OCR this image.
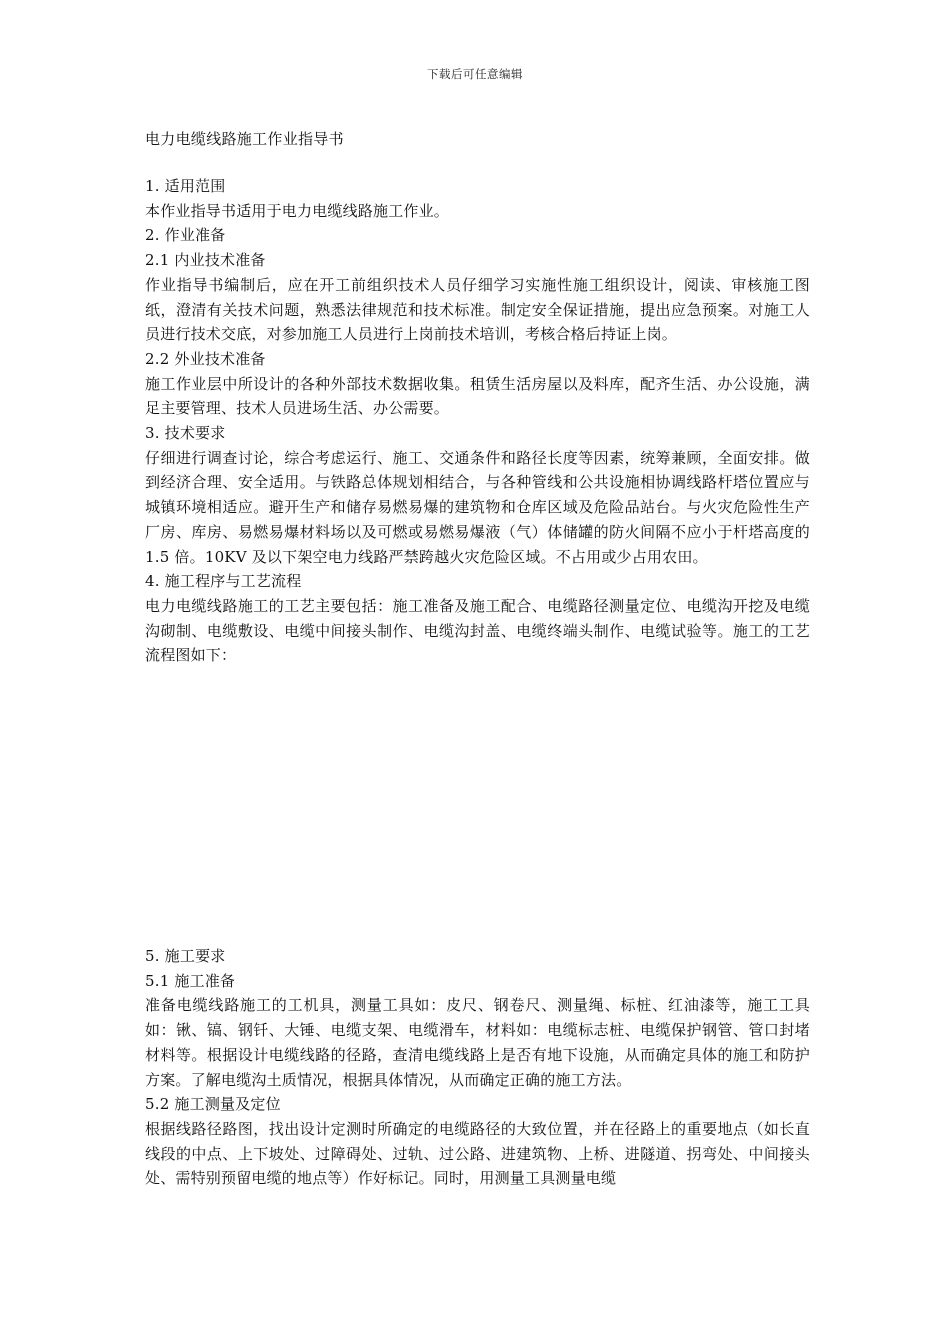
下载后可任意编辑
电力电缆线路施工作业指导书

1. 适用范围

本作业指导书适用于电力电缆线路施工作业。

2. 作业准备

2.1 内业技术准备

作业指导书编制后，应在开工前组织技术人员仔细学习实施性施工组织设计，阅读、审核施工图纸，澄清有关技术问题，熟悉法律规范和技术标准。制定安全保证措施，提出应急预案。对施工人员进行技术交底，对参加施工人员进行上岗前技术培训，考核合格后持证上岗。

2.2 外业技术准备

施工作业层中所设计的各种外部技术数据收集。租赁生活房屋以及料库，配齐生活、办公设施，满足主要管理、技术人员进场生活、办公需要。

3. 技术要求

仔细进行调查讨论，综合考虑运行、施工、交通条件和路径长度等因素，统筹兼顾，全面安排。做到经济合理、安全适用。与铁路总体规划相结合，与各种管线和公共设施相协调线路杆塔位置应与城镇环境相适应。避开生产和储存易燃易爆的建筑物和仓库区域及危险品站台。与火灾危险性生产厂房、库房、易燃易爆材料场以及可燃或易燃易爆液（气）体储罐的防火间隔不应小于杆塔高度的 1.5 倍。10KV 及以下架空电力线路严禁跨越火灾危险区域。不占用或少占用农田。

4. 施工程序与工艺流程

电力电缆线路施工的工艺主要包括：施工准备及施工配合、电缆路径测量定位、电缆沟开挖及电缆沟砌制、电缆敷设、电缆中间接头制作、电缆沟封盖、电缆终端头制作、电缆试验等。施工的工艺流程图如下：

5. 施工要求

5.1 施工准备

准备电缆线路施工的工机具，测量工具如：皮尺、钢卷尺、测量绳、标桩、红油漆等，施工工具如：锹、镐、钢钎、大锤、电缆支架、电缆滑车，材料如：电缆标志桩、电缆保护钢管、管口封堵材料等。根据设计电缆线路的径路，查清电缆线路上是否有地下设施，从而确定具体的施工和防护方案。了解电缆沟土质情况，根据具体情况，从而确定正确的施工方法。

5.2 施工测量及定位

根据线路径路图，找出设计定测时所确定的电缆路径的大致位置，并在径路上的重要地点（如长直线段的中点、上下坡处、过障碍处、过轨、过公路、进建筑物、上桥、进隧道、拐弯处、中间接头处、需特别预留电缆的地点等）作好标记。同时，用测量工具测量电缆
